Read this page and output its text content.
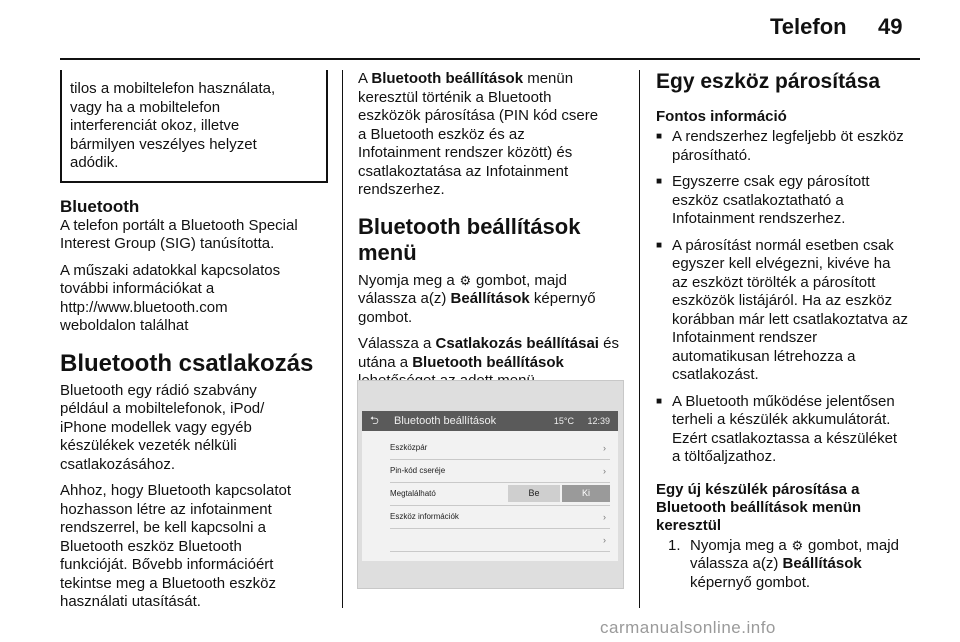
Telefon 49
tilos a mobiltelefon használata,
vagy ha a mobiltelefon
interferenciát okoz, illetve
bármilyen veszélyes helyzet
adódik.
Bluetooth

A telefon portált a Bluetooth Special
Interest Group (SIG) tanúsította.

A műszaki adatokkal kapcsolatos
további információkat a
http://www.bluetooth.com
weboldalon találhat

Bluetooth csatlakozás

Bluetooth egy rádió szabvány
például a mobiltelefonok, iPod/
iPhone modellek vagy egyéb
készülékek vezeték nélküli
csatlakozásához.

Ahhoz, hogy Bluetooth kapcsolatot
hozhasson létre az infotainment
rendszerrel, be kell kapcsolni a
Bluetooth eszköz Bluetooth
funkcióját. Bővebb információért
tekintse meg a Bluetooth eszköz
használati utasítását.

A Bluetooth beállítások menün
keresztül történik a Bluetooth
eszközök párosítása (PIN kód csere
a Bluetooth eszköz és az
Infotainment rendszer között) és
csatlakoztatása az Infotainment
rendszerhez.

Bluetooth beállítások menü

Nyomja meg a ⚙ gombot, majd
válassza a(z) Beállítások képernyő
gombot.

Válassza a Csatlakozás beállításai és
utána a Bluetooth beállítások

⮌ Bluetooth beállítások	15°C 12:39
Eszközpár	›
Pin-kód cseréje	›
Megtalálható	Be	Ki
Eszköz információk	›
›
Egy eszköz párosítása
Fontos információ
■ A rendszerhez legfeljebb öt eszköz
párosítható.
■ Egyszerre csak egy párosított
eszköz csatlakoztatható a
Infotainment rendszerhez.
■ A párosítást normál esetben csak
egyszer kell elvégezni, kivéve ha
az eszközt törölték a párosított
eszközök listájáról. Ha az eszköz
korábban már lett csatlakoztatva az
Infotainment rendszer
automatikusan létrehozza a
csatlakozást.
■ A Bluetooth működése jelentősen
terheli a készülék akkumulátorát.
Ezért csatlakoztassa a készüléket
a töltőaljzathoz.
Egy új készülék párosítása a
Bluetooth beállítások menün
keresztül
1. Nyomja meg a ⚙ gombot, majd
válassza a(z) Beállítások
képernyő gombot.
carmanualsonline.info
